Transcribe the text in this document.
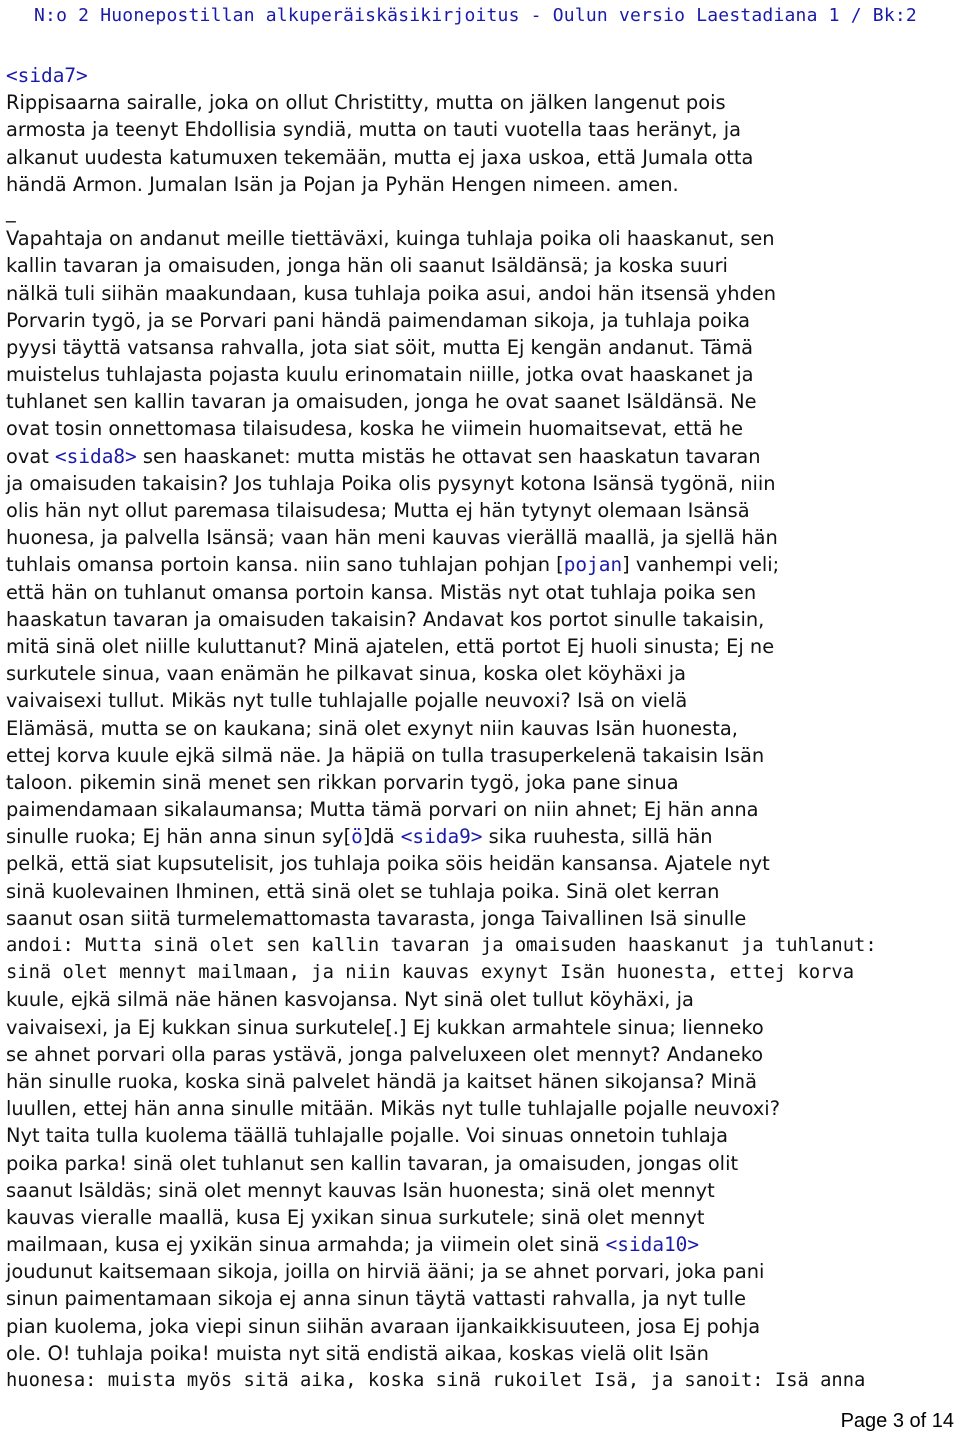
N:o 2 Huonepostillan alkuperäiskäsikirjoitus - Oulun versio Laestadiana 1 / Bk:2
<sida7>
Rippisaarna sairalle, joka on ollut Christitty, mutta on jälken langenut pois
armosta ja teenyt Ehdollisia syndiä, mutta on tauti vuotella taas heränyt, ja
alkanut uudesta katumuxen tekemään, mutta ej jaxa uskoa, että Jumala otta
händä Armon. Jumalan Isän ja Pojan ja Pyhän Hengen nimeen. amen.
_
Vapahtaja on andanut meille tiettäväxi, kuinga tuhlaja poika oli haaskanut, sen
kallin tavaran ja omaisuden, jonga hän oli saanut Isäldänsä; ja koska suuri
nälkä tuli siihän maakundaan, kusa tuhlaja poika asui, andoi hän itsensä yhden
Porvarin tygö, ja se Porvari pani händä paimendaman sikoja, ja tuhlaja poika
pyysi täyttä vatsansa rahvalla, jota siat söit, mutta Ej kengän andanut. Tämä
muistelus tuhlajasta pojasta kuulu erinomatain niille, jotka ovat haaskanet ja
tuhlanet sen kallin tavaran ja omaisuden, jonga he ovat saanet Isäldänsä. Ne
ovat tosin onnettomasa tilaisudesa, koska he viimein huomaitsevat, että he
ovat <sida8> sen haaskanet: mutta mistäs he ottavat sen haaskatun tavaran
ja omaisuden takaisin? Jos tuhlaja Poika olis pysynyt kotona Isänsä tygönä, niin
olis hän nyt ollut paremasa tilaisudesa; Mutta ej hän tytynyt olemaan Isänsä
huonesa, ja palvella Isänsä; vaan hän meni kauvas vierällä maallä, ja sjellä hän
tuhlais omansa portoin kansa. niin sano tuhlajan pohjan [pojan] vanhempi veli;
että hän on tuhlanut omansa portoin kansa. Mistäs nyt otat tuhlaja poika sen
haaskatun tavaran ja omaisuden takaisin? Andavat kos portot sinulle takaisin,
mitä sinä olet niille kuluttanut? Minä ajatelen, että portot Ej huoli sinusta; Ej ne
surkutele sinua, vaan enämän he pilkavat sinua, koska olet köyhäxi ja
vaivaisexi tullut. Mikäs nyt tulle tuhlajalle pojalle neuvoxi? Isä on vielä
Elämäsä, mutta se on kaukana; sinä olet exynyt niin kauvas Isän huonesta,
ettej korva kuule ejkä silmä näe. Ja häpiä on tulla trasuperkelenä takaisin Isän
taloon. pikemin sinä menet sen rikkan porvarin tygö, joka pane sinua
paimendamaan sikalaumansa; Mutta tämä porvari on niin ahnet; Ej hän anna
sinulle ruoka; Ej hän anna sinun sy[ö]dä <sida9> sika ruuhesta, sillä hän
pelkä, että siat kupsutelisit, jos tuhlaja poika söis heidän kansansa. Ajatele nyt
sinä kuolevainen Ihminen, että sinä olet se tuhlaja poika. Sinä olet kerran
saanut osan siitä turmelemattomasta tavarasta, jonga Taivallinen Isä sinulle
andoi: Mutta sinä olet sen kallin tavaran ja omaisuden haaskanut ja tuhlanut:
sinä olet mennyt mailmaan, ja niin kauvas exynyt Isän huonesta, ettej korva
kuule, ejkä silmä näe hänen kasvojansa. Nyt sinä olet tullut köyhäxi, ja
vaivaisexi, ja Ej kukkan sinua surkutele[.] Ej kukkan armahtele sinua; lienneko
se ahnet porvari olla paras ystävä, jonga palveluxeen olet mennyt? Andaneko
hän sinulle ruoka, koska sinä palvelet händä ja kaitset hänen sikojansa? Minä
luullen, ettej hän anna sinulle mitään. Mikäs nyt tulle tuhlajalle pojalle neuvoxi?
Nyt taita tulla kuolema täällä tuhlajalle pojalle. Voi sinuas onnetoin tuhlaja
poika parka! sinä olet tuhlanut sen kallin tavaran, ja omaisuden, jongas olit
saanut Isäldäs; sinä olet mennyt kauvas Isän huonesta; sinä olet mennyt
kauvas vieralle maallä, kusa Ej yxikan sinua surkutele; sinä olet mennyt
mailmaan, kusa ej yxikän sinua armahda; ja viimein olet sinä <sida10>
joudunut kaitsemaan sikoja, joilla on hirviä ääni; ja se ahnet porvari, joka pani
sinun paimentamaan sikoja ej anna sinun täytä vattasti rahvalla, ja nyt tulle
pian kuolema, joka viepi sinun siihän avaraan ijankaikkisuuteen, josa Ej pohja
ole. O! tuhlaja poika! muista nyt sitä endistä aikaa, koskas vielä olit Isän
huonesa: muista myös sitä aika, koska sinä rukoilet Isä, ja sanoit: Isä anna
Page 3 of 14
